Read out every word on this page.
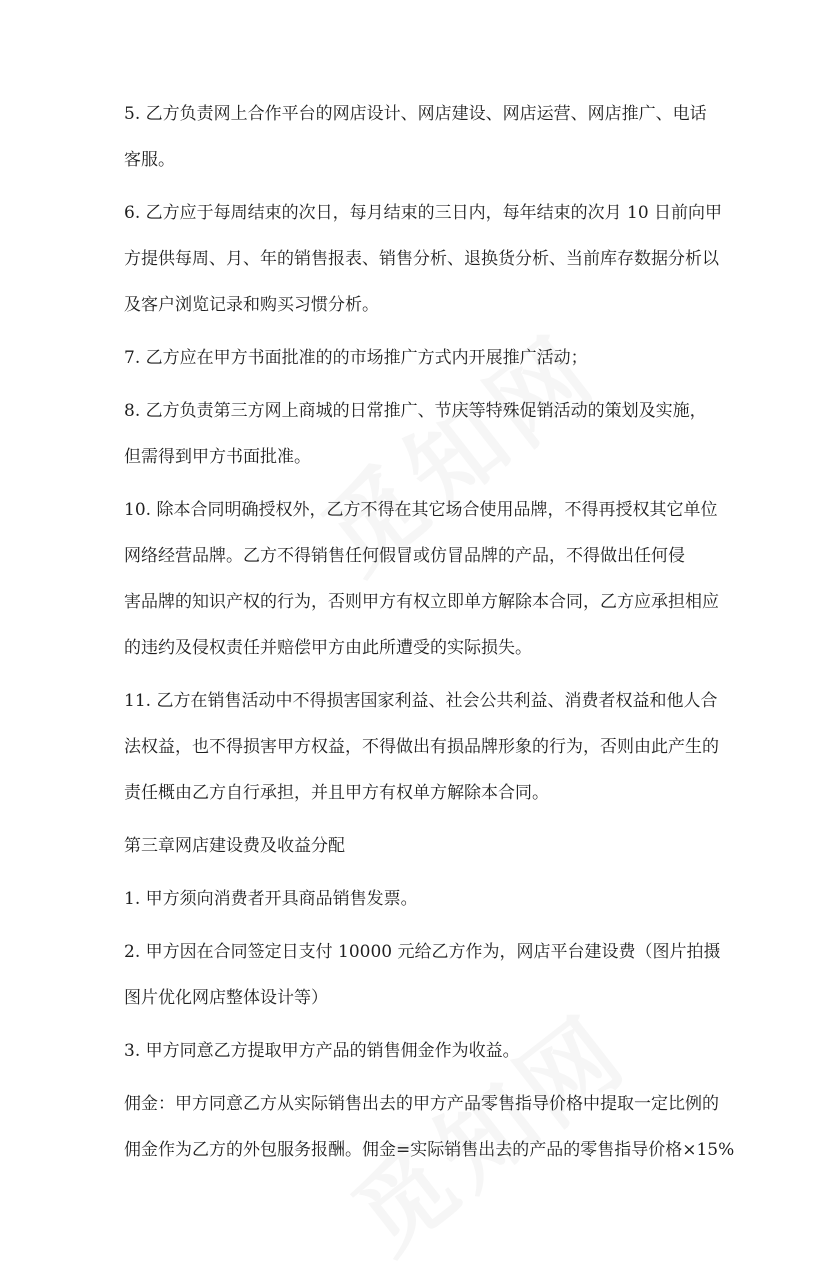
5. 乙方负责网上合作平台的网店设计、网店建设、网店运营、网店推广、电话

客服。

6. 乙方应于每周结束的次日，每月结束的三日内，每年结束的次月 10 日前向甲

方提供每周、月、年的销售报表、销售分析、退换货分析、当前库存数据分析以

及客户浏览记录和购买习惯分析。

7. 乙方应在甲方书面批准的的市场推广方式内开展推广活动；

8. 乙方负责第三方网上商城的日常推广、节庆等特殊促销活动的策划及实施，

但需得到甲方书面批准。

10. 除本合同明确授权外，乙方不得在其它场合使用品牌，不得再授权其它单位

网络经营品牌。乙方不得销售任何假冒或仿冒品牌的产品，不得做出任何侵

害品牌的知识产权的行为，否则甲方有权立即单方解除本合同，乙方应承担相应

的违约及侵权责任并赔偿甲方由此所遭受的实际损失。

11. 乙方在销售活动中不得损害国家利益、社会公共利益、消费者权益和他人合

法权益，也不得损害甲方权益，不得做出有损品牌形象的行为，否则由此产生的

责任概由乙方自行承担，并且甲方有权单方解除本合同。

第三章网店建设费及收益分配

1. 甲方须向消费者开具商品销售发票。

2. 甲方因在合同签定日支付 10000 元给乙方作为，网店平台建设费（图片拍摄

图片优化网店整体设计等）

3. 甲方同意乙方提取甲方产品的销售佣金作为收益。

佣金：甲方同意乙方从实际销售出去的甲方产品零售指导价格中提取一定比例的

佣金作为乙方的外包服务报酬。佣金=实际销售出去的产品的零售指导价格×15%
